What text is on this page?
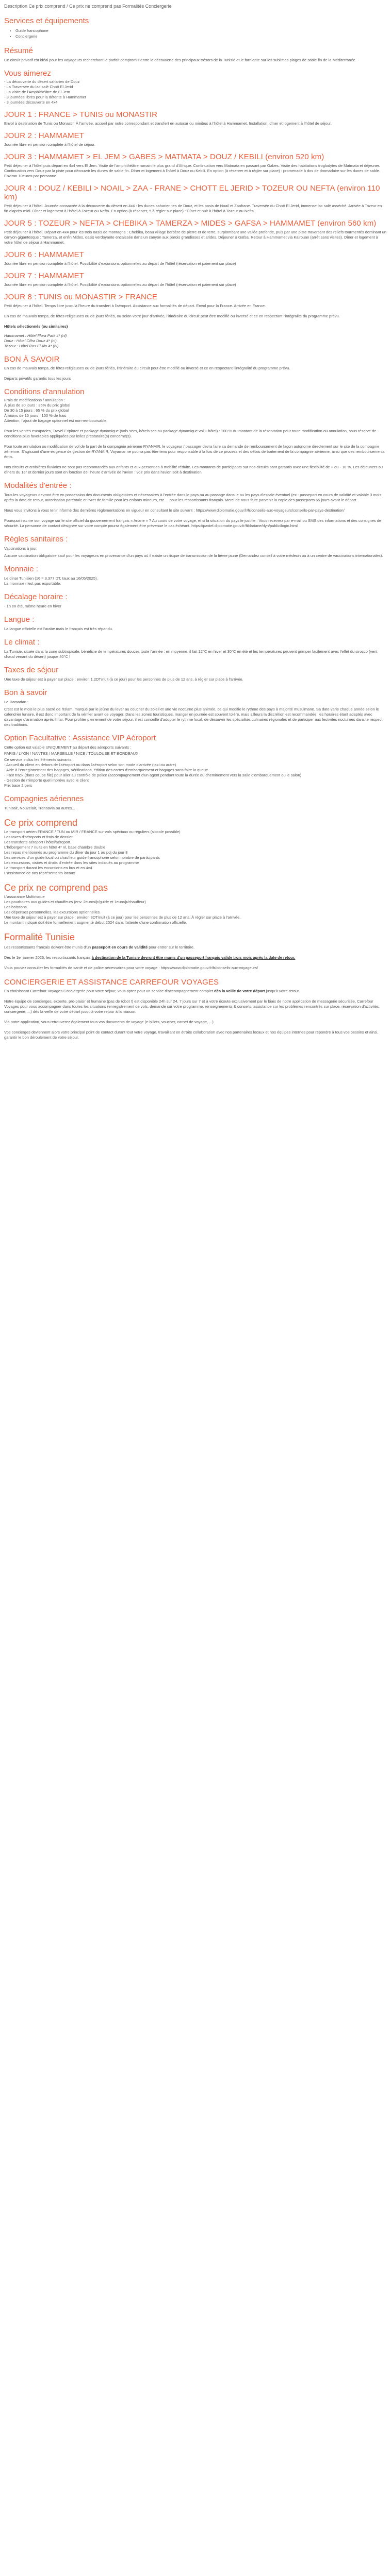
Description Ce prix comprend / Ce prix ne comprend pas Formalités Conciergerie
Services et équipements
• Guide francophone
• Conciergerie
Résumé

Ce circuit privatif est idéal pour les voyageurs recherchant le parfait compromis entre la découverte des principaux trésors de la Tunisie et le farniente sur les sublimes plages de sable fin de la Méditerranée.

Vous aimerez

- La découverte du désert saharien de Douz
- La Traversée du lac salé Chott El Jerid
- La visite de l'Amphithéâtre de El Jem
- 3 journées libres pour la détente à Hammamet
- 3 journées découverte en 4x4

JOUR 1 : FRANCE > TUNIS ou MONASTIR

Envol à destination de Tunis ou Monastir. À l'arrivée, accueil par notre correspondant et transfert en autocar ou minibus à l'hôtel à Hammamet. Installation, dîner et logement à l'hôtel de séjour.

JOUR 2 : HAMMAMET

Journée libre en pension complète à l'hôtel de séjour.

JOUR 3 : HAMMAMET > EL JEM > GABES > MATMATA > DOUZ / KEBILI (environ 520 km)

Petit déjeuner à l'hôtel puis départ en 4x4 vers El Jem. Visite de l'amphithéâtre romain le plus grand d'Afrique. Continuation vers Matmata en passant par Gabes. Visite des habitations troglodytes de Matmata et déjeuner. Continuation vers Douz par la piste pour découvrir les dunes de sable fin. Dîner et logement à l'hôtel à Douz ou Kebili. En option (à réserver et à régler sur place) : promenade à dos de dromadaire sur les dunes de sable. Environ 10euros par personne.

JOUR 4 : DOUZ / KEBILI > NOAIL > ZAA - FRANE > CHOTT EL JERID > TOZEUR OU NEFTA (environ 110 km)

Petit déjeuner à l'hôtel. Journée consacrée à la découverte du désert en 4x4 : les dunes sahariennes de Douz, et les oasis de Noail et Zaafrane. Traversée du Chott El Jerid, immense lac salé asséché. Arrivée à Tozeur en fin d'après-midi. Dîner et logement à l'hôtel à Tozeur ou Nefta. En option (à réserver, 5 à régler sur place) : Dîner et nuit à l'hôtel à Tozeur ou Nefta.

JOUR 5 : TOZEUR > NEFTA > CHEBIKA > TAMERZA > MIDES > GAFSA > HAMMAMET (environ 560 km)

Petit déjeuner à l'hôtel. Départ en 4x4 pour les trois oasis de montagne : Chebika, beau village berbère de pierre et de terre, surplombant une vallée profonde, puis par une piste traversant des reliefs tourmentés dominant un canyon gigantesque : Tamerza, et enfin Mides, oasis verdoyante encaissée dans un canyon aux parois grandioses et arides. Déjeuner à Gafsa. Retour à Hammamet via Kairouan (arrêt sans visites). Dîner et logement à votre hôtel de séjour à Hammamet.

JOUR 6 : HAMMAMET

Journée libre en pension complète à l'hôtel. Possibilité d'excursions optionnelles au départ de l'hôtel (réservation et paiement sur place)

JOUR 7 : HAMMAMET

Journée libre en pension complète à l'hôtel. Possibilité d'excursions optionnelles au départ de l'hôtel (réservation et paiement sur place)

JOUR 8 : TUNIS ou MONASTIR > FRANCE

Petit déjeuner à l'hôtel. Temps libre jusqu'à l'heure du transfert à l'aéroport. Assistance aux formalités de départ. Envol pour la France. Arrivée en France.

En cas de mauvais temps, de fêtes religieuses ou de jours fériés, ou selon votre jour d'arrivée, l'itinéraire du circuit peut être modifié ou inversé et ce en respectant l'intégralité du programme prévu.

Hôtels sélectionnés (ou similaires)

Hammamet : Hôtel Flora Park 4* (nl)
Douz : Hôtel Offra Douz 4* (nl)
Tozeur : Hôtel Ras El Ain 4* (nl)

BON À SAVOIR

En cas de mauvais temps, de fêtes religieuses ou de jours fériés, l'itinéraire du circuit peut être modifié ou inversé et ce en respectant l'intégralité du programme prévu.

Départs privatifs garantis tous les jours

Conditions d'annulation

Frais de modifications / annulation :
À plus de 30 jours : 35% du prix global
De 30 à 15 jours : 65 % du prix global
À moins de 15 jours : 100 % de frais
Attention, l'ajout de bagage optionnel est non-remboursable.

Pour les ventes escapades, Travel Explorer et package dynamique (vols secs, hôtels sec ou package dynamique vol + hôtel) : 100 % du montant de la réservation pour toute modification ou annulation, sous réserve de conditions plus favorables appliquées par le/les prestataire(s) concerné(s).

Pour toute annulation ou modification de vol de la part de la compagnie aérienne RYANAIR, le voyageur / passager devra faire sa demande de remboursement de façon autonome directement sur le site de la compagnie aérienne. S'agissant d'une exigence de gestion de RYANAIR, Voyamar ne pourra pas être tenu pour responsable à la fois de ce process et des délais de traitement de la compagnie aérienne, ainsi que des remboursements émis.

Nos circuits et croisières fluviales ne sont pas recommandés aux enfants et aux personnes à mobilité réduite. Les montants de participants sur nos circuits sont garantis avec une flexibilité de + ou - 10 %. Les déjeuners ou dîners du 1er et dernier jours sont en fonction de l'heure d'arrivée de l'avion : voir prix dans l'avion soit à destination.

Modalités d'entrée :

Tous les voyageurs devront être en possession des documents obligatoires et nécessaires à l'entrée dans le pays ou au passage dans le ou les pays d'escale éventuel (ex : passeport en cours de validité et valable 3 mois après la date de retour, autorisation parentale et livret de famille pour les enfants mineurs, etc.... pour les ressortissants français. Merci de nous faire parvenir la copie des passeports 65 jours avant le départ.

Nous vous invitons à vous tenir informé des dernières réglementations en vigueur en consultant le site suivant : https://www.diplomatie.gouv.fr/fr/conseils-aux-voyageurs/conseils-par-pays-destination/

Pourquoi inscrire son voyage sur le site officiel du gouvernement français « Ariane » ? Au cours de votre voyage, et si la situation du pays le justifie : Vous recevrez par e-mail ou SMS des informations et des consignes de sécurité. La personne de contact désignée sur votre compte pourra également être prévenue le cas échéant. https://pastel.diplomatie.gouv.fr/fildariane/dyn/public/login.html

Règles sanitaires :

Vaccinations à jour.

Aucune vaccination obligatoire sauf pour les voyageurs en provenance d'un pays où il existe un risque de transmission de la fièvre jaune (Demandez conseil à votre médecin ou à un centre de vaccinations internationales).

Monnaie :

Le dinar Tunisien (1€ = 3,377 DT, taux au 16/05/2025).
La monnaie n'est pas exportable.

Décalage horaire :

- 1h en été, même heure en hiver

Langue :

La langue officielle est l'arabe mais le français est très répandu.

Le climat :

La Tunisie, située dans la zone subtropicale, bénéficie de températures douces toute l'année : en moyenne, il fait 12°C en hiver et 30°C en été et les températures peuvent grimper facilement avec l'effet du sirocco (vent chaud venant du désert) jusque 40°C !

Taxes de séjour

Une taxe de séjour est à payer sur place : environ 1,2DT/nuit (à ce jour) pour les personnes de plus de 12 ans, à régler sur place à l'arrivée.

Bon à savoir

Le Ramadan :

C'est est le mois le plus sacré de l'Islam, marqué par le jeûne du lever au coucher du soleil et une vie nocturne plus animée, ce qui modifie le rythme des pays à majorité musulmane. Sa date varie chaque année selon le calendrier lunaire, il est donc important de la vérifier avant de voyager. Dans les zones touristiques, manger en journée est souvent toléré, mais ailleurs la discrétion est recommandée, les horaires étant adaptés avec davantage d'animation après l'Iftar. Pour profiter pleinement de votre séjour, il est conseillé d'adopter le rythme local, de découvrir les spécialités culinaires régionales et de participer aux festivités nocturnes dans le respect des traditions.

Option Facultative : Assistance VIP Aéroport

Cette option est valable UNIQUEMENT au départ des aéroports suivants :

PARIS / LYON / NANTES / MARSEILLE / NICE / TOULOUSE ET BORDEAUX

Ce service inclus les éléments suivants :
- Accueil du client en dehors de l'aéroport ou dans l'aéroport selon son mode d'arrivée (taxi ou autre)
- Aide à l'enregistrement des bagages, vérifications, édition des cartes d'embarquement et bagages sans faire la queue
- Fast track (dans coupe file) pour aller au contrôle de police (accompagnement d'un agent pendant toute la durée du cheminement vers la salle d'embarquement ou le salon)
- Gestion de n'importe quel imprévu avec le client
Prix base 2 pers

Compagnies aériennes

Tunisair, Nouvelair, Transavia ou autres...

Ce prix comprend

Le transport aérien FRANCE / TUN ou MIR / FRANCE sur vols spéciaux ou réguliers (siocole possible)
Les taxes d'aéroports et frais de dossier
Les transferts aéroport / hôtel/aéroport.
L'hébergement 7 nuits en hôtel 4* nl, base chambre double
Les repas mentionnés au programme du dîner du jour 1 au pdj du jour 8
Les services d'un guide local ou chauffeur guide francophone selon nombre de participants
Les excursions, visites et droits d'entrée dans les sites indiqués au programme
Le transport durant les excursions en bus et en 4x4
L'assistance de nos représentants locaux

Ce prix ne comprend pas

L'assurance Multirisque
Les pourboires aux guides et chauffeurs (env. 2euros/jr/guide et 1euro/jr/chauffeur)
Les boissons
Les dépenses personnelles, les excursions optionnelles
Une taxe de séjour est à payer sur place : environ 3DT/nuit (à ce jour) pour les personnes de plus de 12 ans. À régler sur place à l'arrivée.
Le montant indiqué doit être formellement augmenté début 2024 dans l'attente d'une confirmation officielle.

Formalité Tunisie

Les ressortissants français doivent être munis d'un passeport en cours de validité pour entrer sur le territoire.

Dès le 1er janvier 2025, les ressortissants français à destination de la Tunisie devront être munis d'un passeport français valide trois mois après la date de retour.

Vous pouvez consulter les formalités de santé et de police nécessaires pour votre voyage : https://www.diplomatie.gouv.fr/fr/conseils-aux-voyageurs/

CONCIERGERIE ET ASSISTANCE CARREFOUR VOYAGES

En choisissant Carrefour Voyages Conciergerie pour votre séjour, vous optez pour un service d'accompagnement complet dès la veille de votre départ jusqu'à votre retour.

Notre équipe de concierges, experte, pro-plaisir et humaine (pas de robot !) est disponible 24h sur 24, 7 jours sur 7 et à votre écoute exclusivement par le biais de notre application de messagerie sécurisée, Carrefour Voyages pour vous accompagner dans toutes les situations (enregistrement de vols, demande sur votre programme, renseignements & conseils, assistance sur les problèmes rencontrés sur place, réservation d'activités, conciergerie, ...) dès la veille de votre départ jusqu'à votre retour à la maison.

Via notre application, vous retrouverez également tous vos documents de voyage (e-billets, voucher, carnet de voyage, ...)

Vos concierges deviennent alors votre principal point de contact durant tout votre voyage, travaillant en étroite collaboration avec nos partenaires locaux et nos équipes internes pour répondre à tous vos besoins et ainsi, garantir le bon déroulement de votre séjour.
